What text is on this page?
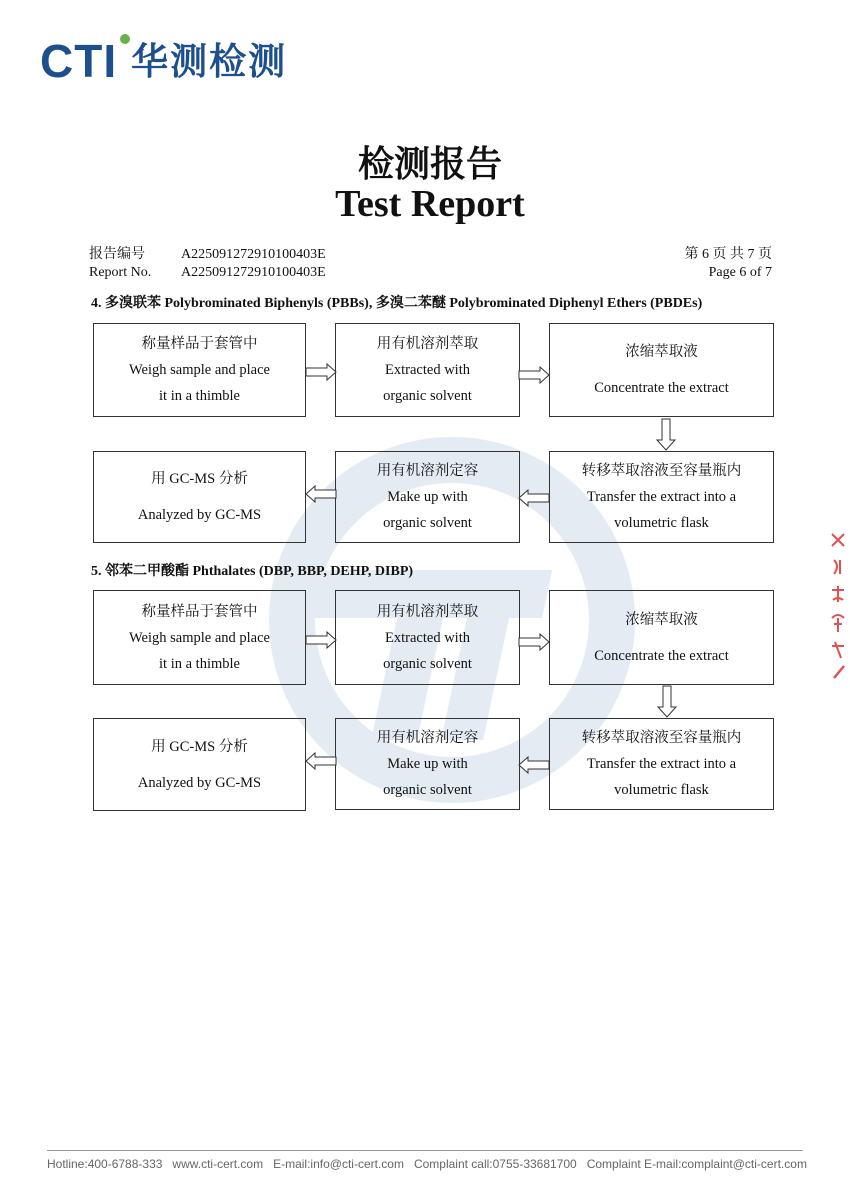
CTI 华测检测
检测报告
Test Report
报告编号	A225091272910100403E	第 6 页 共 7 页
Report No. A225091272910100403E	Page 6 of 7
4. 多溴联苯 Polybrominated Biphenyls (PBBs), 多溴二苯醚 Polybrominated Diphenyl Ethers (PBDEs)
称量样品于套管中
Weigh sample and place
it in a thimble
用有机溶剂萃取
Extracted with
organic solvent
浓缩萃取液
Concentrate the extract
转移萃取溶液至容量瓶内
Transfer the extract into a
volumetric flask
用有机溶剂定容
Make up with
organic solvent
用 GC-MS 分析
Analyzed by GC-MS
5. 邻苯二甲酸酯 Phthalates (DBP, BBP, DEHP, DIBP)
称量样品于套管中
Weigh sample and place
it in a thimble
用有机溶剂萃取
Extracted with
organic solvent
浓缩萃取液
Concentrate the extract
转移萃取溶液至容量瓶内
Transfer the extract into a
volumetric flask
用有机溶剂定容
Make up with
organic solvent
用 GC-MS 分析
Analyzed by GC-MS
Hotline:400-6788-333 www.cti-cert.com E-mail:info@cti-cert.com Complaint call:0755-33681700 Complaint E-mail:complaint@cti-cert.com
